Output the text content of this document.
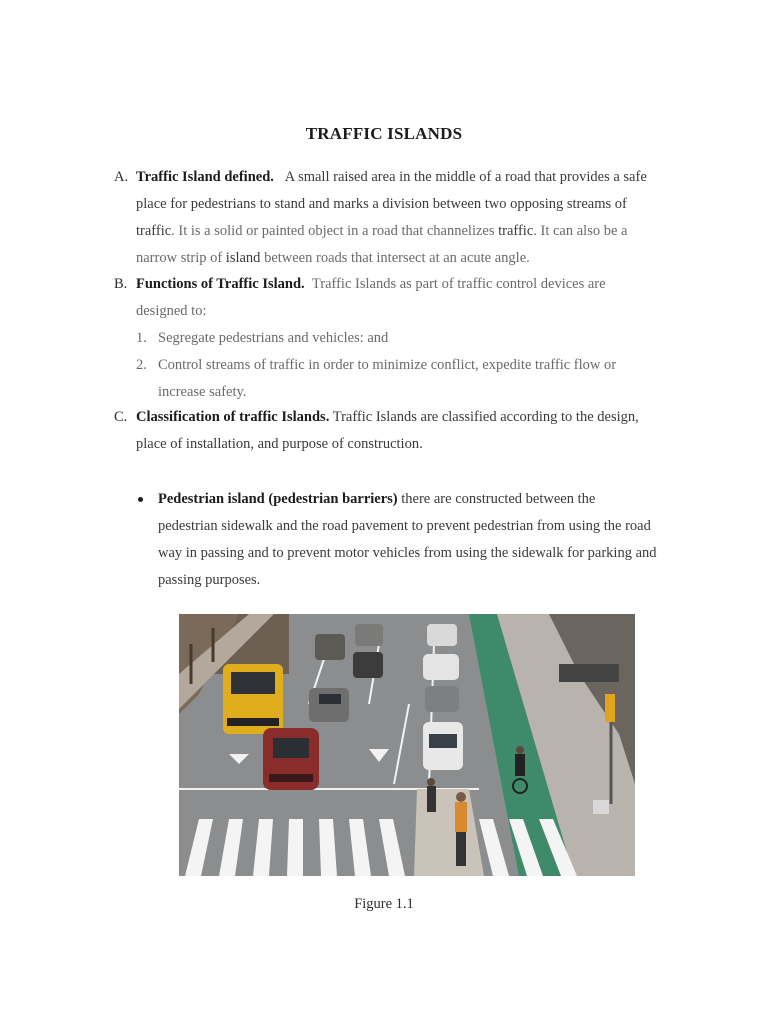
TRAFFIC ISLANDS
A. Traffic Island defined. A small raised area in the middle of a road that provides a safe
place for pedestrians to stand and marks a division between two opposing streams of
traffic. It is a solid or painted object in a road that channelizes traffic. It can also be a
narrow strip of island between roads that intersect at an acute angle.
B. Functions of Traffic Island. Traffic Islands as part of traffic control devices are
designed to:
1. Segregate pedestrians and vehicles: and
2. Control streams of traffic in order to minimize conflict, expedite traffic flow or
increase safety.
C. Classification of traffic Islands. Traffic Islands are classified according to the design,
place of installation, and purpose of construction.
Pedestrian island (pedestrian barriers) there are constructed between the
pedestrian sidewalk and the road pavement to prevent pedestrian from using the road
way in passing and to prevent motor vehicles from using the sidewalk for parking and
passing purposes.
Figure 1.1
